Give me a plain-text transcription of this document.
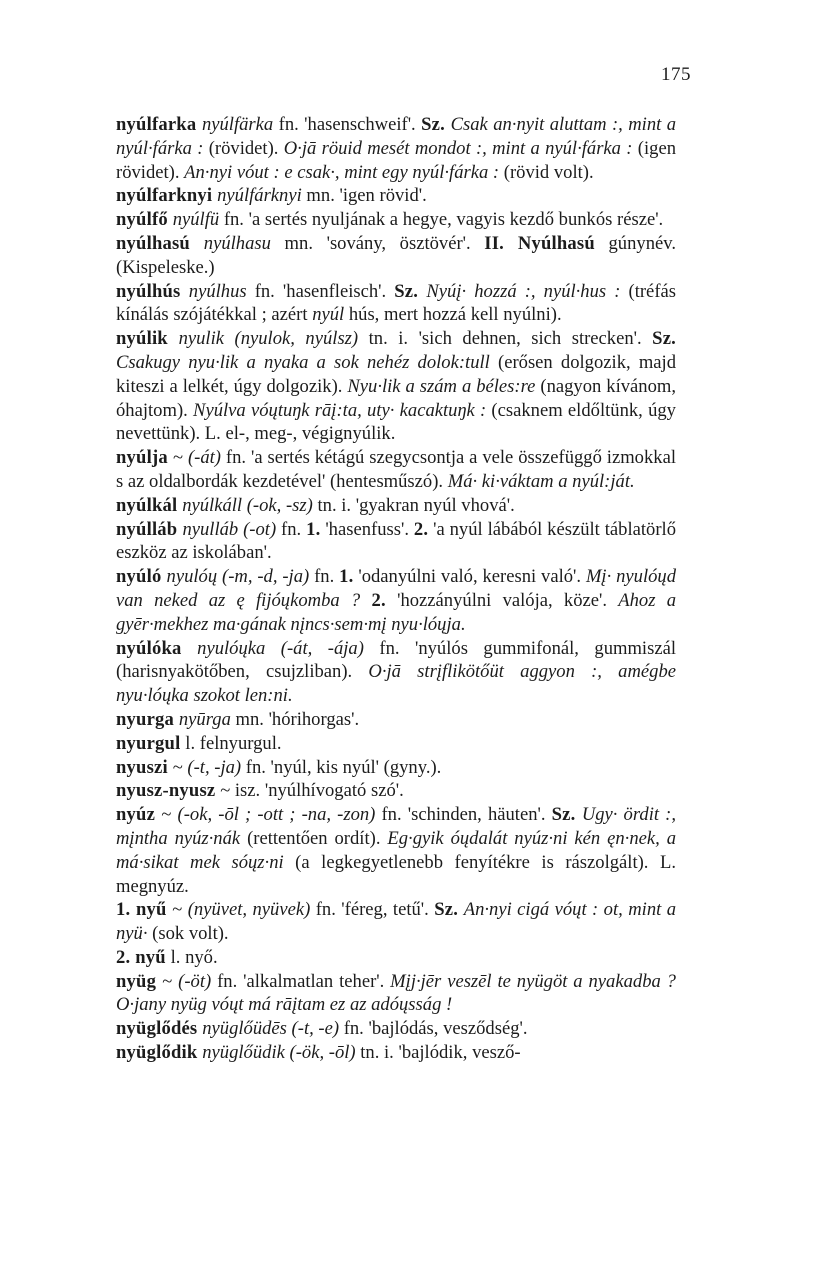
175

nyúlfarka nyúlfärka fn. 'hasenschweif'. Sz. Csak an·nyit aluttam :, mint a nyúl·fárka : (rövidet). O·jā röuid mesét mondot :, mint a nyúl·fárka : (igen rövidet). An·nyi vóut : e csak·, mint egy nyúl·fárka : (rövid volt).

nyúlfarknyi nyúlfárknyi mn. 'igen rövid'.

nyúlfő nyúlfü fn. 'a sertés nyuljának a hegye, vagyis kezdő bunkós része'.

nyúlhasú nyúlhasu mn. 'sovány, ösztövér'. II. Nyúlhasú gúnynév. (Kispeleske.)

nyúlhús nyúlhus fn. 'hasenfleisch'. Sz. Nyúį· hozzá :, nyúl·hus : (tréfás kínálás szójátékkal ; azért nyúl hús, mert hozzá kell nyúlni).

nyúlik nyulik (nyulok, nyúlsz) tn. i. 'sich dehnen, sich strecken'. Sz. Csakugy nyu·lik a nyaka a sok nehéz dolok:tull (erősen dolgozik, majd kiteszi a lelkét, úgy dolgozik). Nyu·lik a szám a béles:re (nagyon kívánom, óhajtom). Nyúlva vóųtuŋk rāį:ta, uty· kacaktuŋk : (csaknem eldőltünk, úgy nevettünk). L. el-, meg-, végignyúlik.

nyúlja ~ (-át) fn. 'a sertés kétágú szegycsontja a vele összefüggő izmokkal s az oldalbordák kezdetével' (hentesműszó). Má· ki·váktam a nyúl:ját.

nyúlkál nyúlkáll (-ok, -sz) tn. i. 'gyakran nyúl vhová'.

nyúlláb nyulláb (-ot) fn. 1. 'hasenfuss'. 2. 'a nyúl lábából készült táblatörlő eszköz az iskolában'.

nyúló nyulóų (-m, -d, -ja) fn. 1. 'odanyúlni való, keresni való'. Mį· nyulóųd van neked az ę fijóųkomba ? 2. 'hozzányúlni valója, köze'. Ahoz a gyēr·mekhez ma·gának nįncs·sem·mį nyu·lóųja.

nyúlóka nyulóųka (-át, -ája) fn. 'nyúlós gummifonál, gummiszál (harisnyakötőben, csujzliban). O·jā strįflikötőüt aggyon :, amégbe nyu·lóųka szokot len:ni.

nyurga nyūrga mn. 'hórihorgas'.

nyurgul l. felnyurgul.

nyuszi ~ (-t, -ja) fn. 'nyúl, kis nyúl' (gyny.).

nyusz-nyusz ~ isz. 'nyúlhívogató szó'.

nyúz ~ (-ok, -ōl ; -ott ; -na, -zon) fn. 'schinden, häuten'. Sz. Ugy· ördit :, mįntha nyúz·nák (rettentően ordít). Eg·gyik óųdalát nyúz·ni kén ęn·nek, a má·sikat mek sóųz·ni (a legkegyetlenebb fenyítékre is rászolgált). L. megnyúz.

1. nyű ~ (nyüvet, nyüvek) fn. 'féreg, tetű'. Sz. An·nyi cigá vóųt : ot, mint a nyü· (sok volt).

2. nyű l. nyő.

nyüg ~ (-öt) fn. 'alkalmatlan teher'. Mįj·jēr veszēl te nyügöt a nyakadba ? O·jany nyüg vóųt má rāįtam ez az adóųsság !

nyüglődés nyüglőüdēs (-t, -e) fn. 'bajlódás, vesződség'.

nyüglődik nyüglőüdik (-ök, -ōl) tn. i. 'bajlódik, vesző-
